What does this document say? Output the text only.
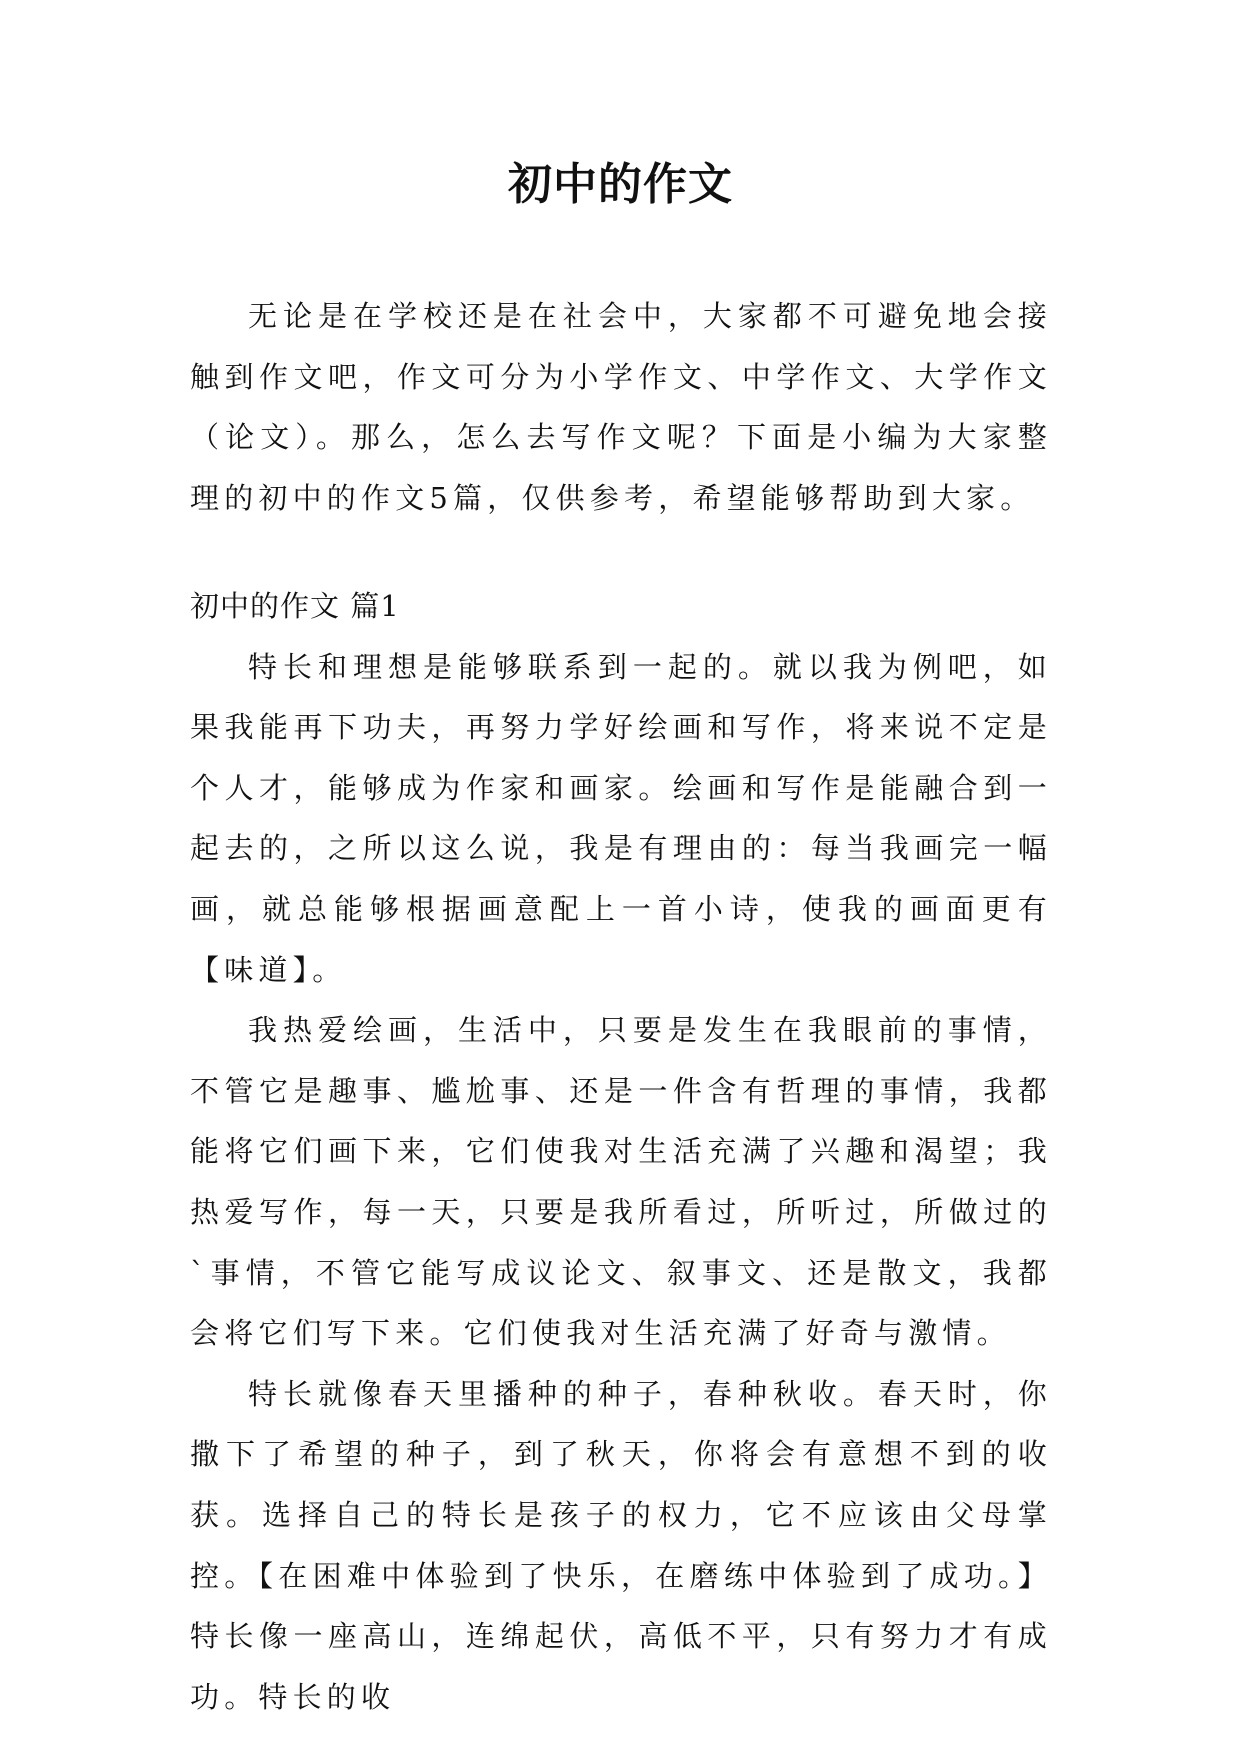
初中的作文

无论是在学校还是在社会中，大家都不可避免地会接触到作文吧，作文可分为小学作文、中学作文、大学作文（论文）。那么，怎么去写作文呢？下面是小编为大家整理的初中的作文5篇，仅供参考，希望能够帮助到大家。

初中的作文 篇1

特长和理想是能够联系到一起的。就以我为例吧，如果我能再下功夫，再努力学好绘画和写作，将来说不定是个人才，能够成为作家和画家。绘画和写作是能融合到一起去的，之所以这么说，我是有理由的：每当我画完一幅画，就总能够根据画意配上一首小诗，使我的画面更有【味道】。

我热爱绘画，生活中，只要是发生在我眼前的事情，不管它是趣事、尴尬事、还是一件含有哲理的事情，我都能将它们画下来，它们使我对生活充满了兴趣和渴望；我热爱写作，每一天，只要是我所看过，所听过，所做过的`事情，不管它能写成议论文、叙事文、还是散文，我都会将它们写下来。它们使我对生活充满了好奇与激情。

特长就像春天里播种的种子，春种秋收。春天时，你撒下了希望的种子，到了秋天，你将会有意想不到的收获。选择自己的特长是孩子的权力，它不应该由父母掌控。【在困难中体验到了快乐，在磨练中体验到了成功。】特长像一座高山，连绵起伏，高低不平，只有努力才有成功。特长的收
